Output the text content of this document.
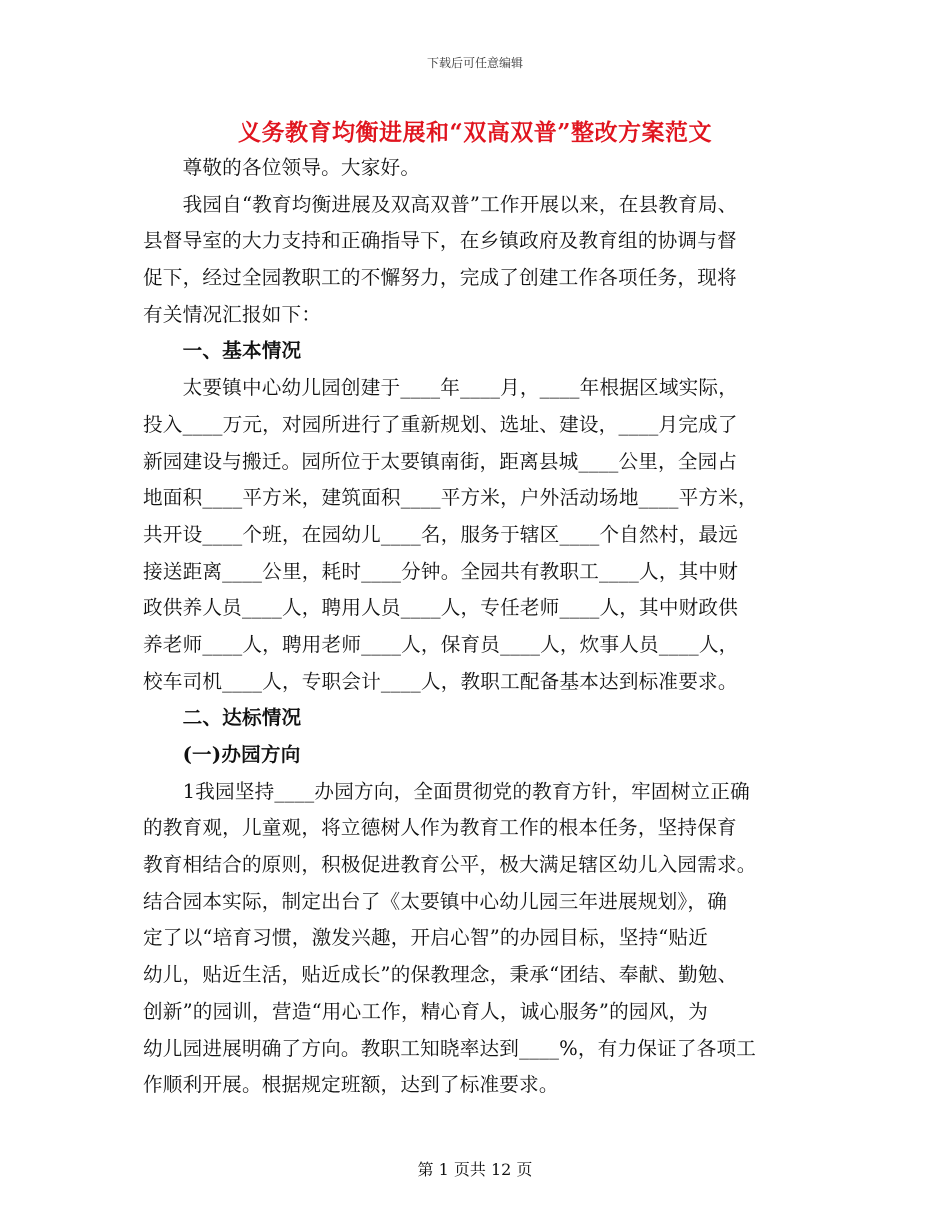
下载后可任意编辑
义务教育均衡进展和“双高双普”整改方案范文
　　尊敬的各位领导。大家好。
　　我园自“教育均衡进展及双高双普”工作开展以来，在县教育局、
县督导室的大力支持和正确指导下，在乡镇政府及教育组的协调与督
促下，经过全园教职工的不懈努力，完成了创建工作各项任务，现将
有关情况汇报如下：
　　一、基本情况
　　太要镇中心幼儿园创建于____年____月，____年根据区域实际，
投入____万元，对园所进行了重新规划、选址、建设，____月完成了
新园建设与搬迁。园所位于太要镇南街，距离县城____公里，全园占
地面积____平方米，建筑面积____平方米，户外活动场地____平方米，
共开设____个班，在园幼儿____名，服务于辖区____个自然村，最远
接送距离____公里，耗时____分钟。全园共有教职工____人，其中财
政供养人员____人，聘用人员____人，专任老师____人，其中财政供
养老师____人，聘用老师____人，保育员____人，炊事人员____人，
校车司机____人，专职会计____人，教职工配备基本达到标准要求。
　　二、达标情况
　　(一)办园方向
　　1我园坚持____办园方向，全面贯彻党的教育方针，牢固树立正确
的教育观，儿童观，将立德树人作为教育工作的根本任务，坚持保育
教育相结合的原则，积极促进教育公平，极大满足辖区幼儿入园需求。
结合园本实际，制定出台了《太要镇中心幼儿园三年进展规划》，确
定了以“培育习惯，激发兴趣，开启心智”的办园目标，坚持“贴近
幼儿，贴近生活，贴近成长”的保教理念，秉承“团结、奉献、勤勉、
创新”的园训，营造“用心工作，精心育人，诚心服务”的园风，为
幼儿园进展明确了方向。教职工知晓率达到____%，有力保证了各项工
作顺利开展。根据规定班额，达到了标准要求。
第 1 页共 12 页
